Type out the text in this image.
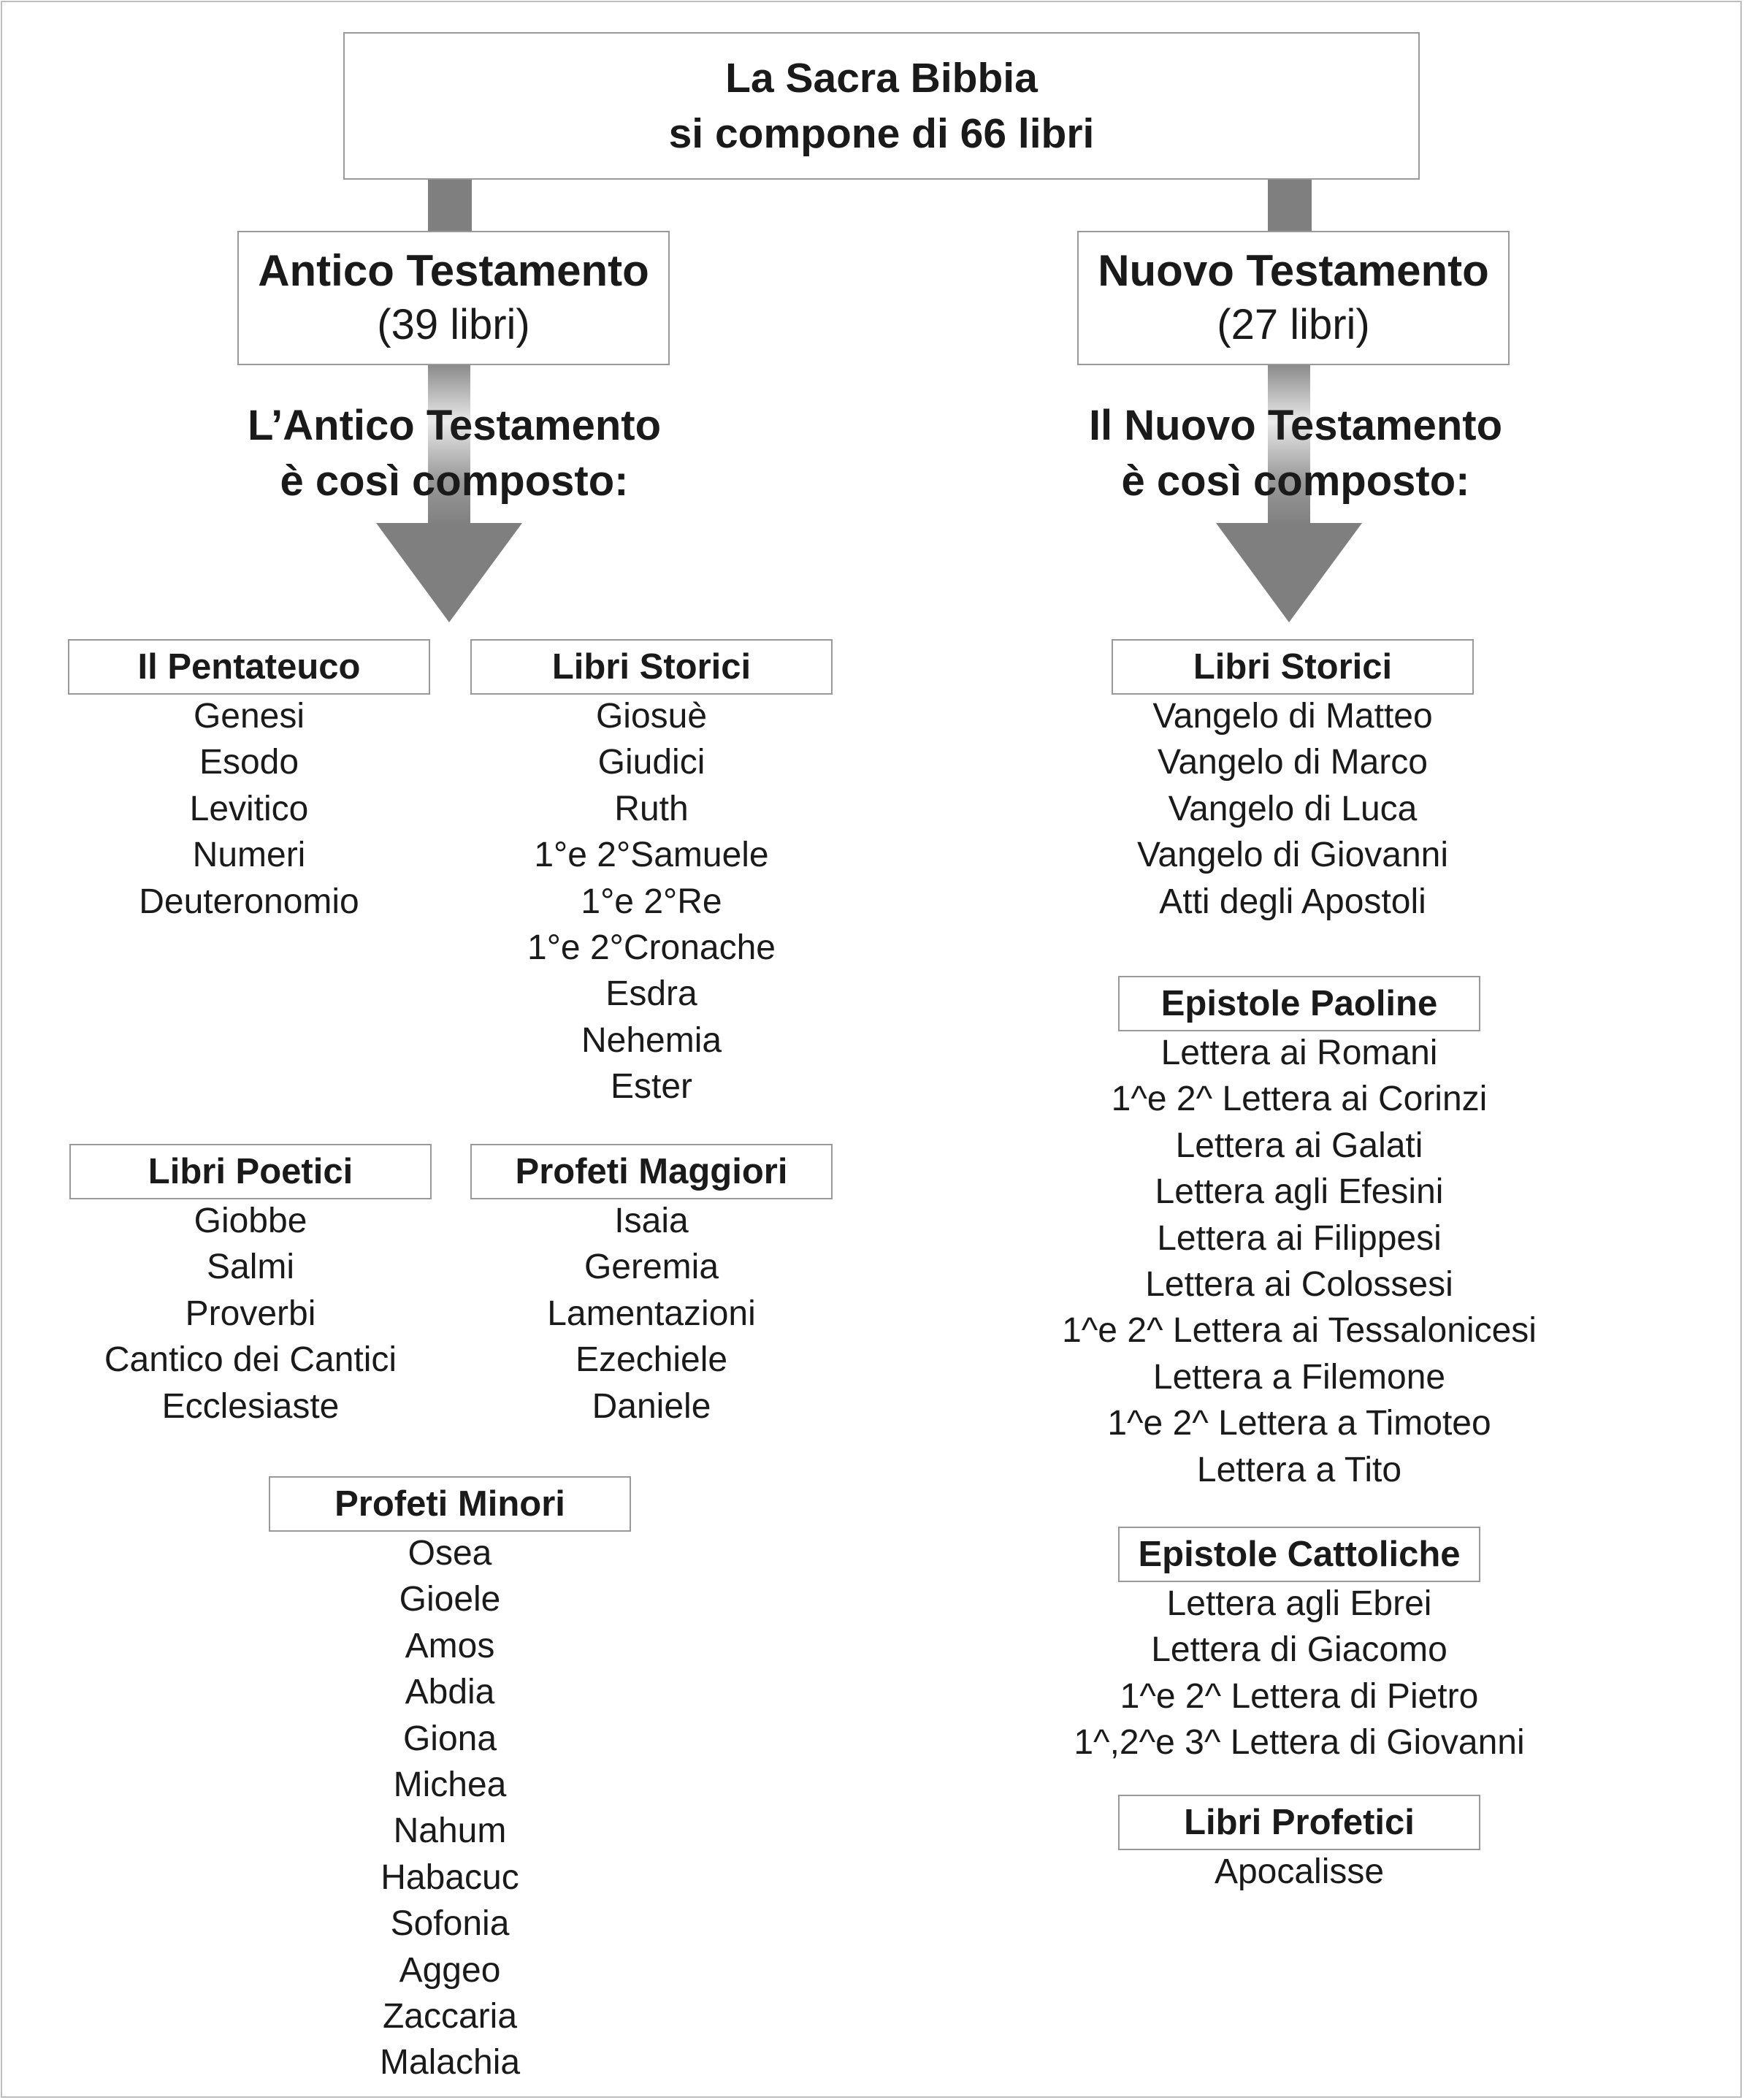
La Sacra Bibbia
si compone di 66 libri
Antico Testamento
(39 libri)
Nuovo Testamento
(27 libri)
L’Antico Testamento
è così composto:
Il Nuovo Testamento
è così composto:
Il Pentateuco
Genesi
Esodo
Levitico
Numeri
Deuteronomio
Libri Storici
Giosuè
Giudici
Ruth
1°e 2°Samuele
1°e 2°Re
1°e 2°Cronache
Esdra
Nehemia
Ester
Libri Poetici
Giobbe
Salmi
Proverbi
Cantico dei Cantici
Ecclesiaste
Profeti Maggiori
Isaia
Geremia
Lamentazioni
Ezechiele
Daniele
Profeti Minori
Osea
Gioele
Amos
Abdia
Giona
Michea
Nahum
Habacuc
Sofonia
Aggeo
Zaccaria
Malachia
Libri Storici
Vangelo di Matteo
Vangelo di Marco
Vangelo di Luca
Vangelo di Giovanni
Atti degli Apostoli
Epistole Paoline
Lettera ai Romani
1^e 2^ Lettera ai Corinzi
Lettera ai Galati
Lettera agli Efesini
Lettera ai Filippesi
Lettera ai Colossesi
1^e 2^ Lettera ai Tessalonicesi
Lettera a Filemone
1^e 2^ Lettera a Timoteo
Lettera a Tito
Epistole Cattoliche
Lettera agli Ebrei
Lettera di Giacomo
1^e 2^ Lettera di Pietro
1^,2^e 3^ Lettera di Giovanni
Libri Profetici
Apocalisse
